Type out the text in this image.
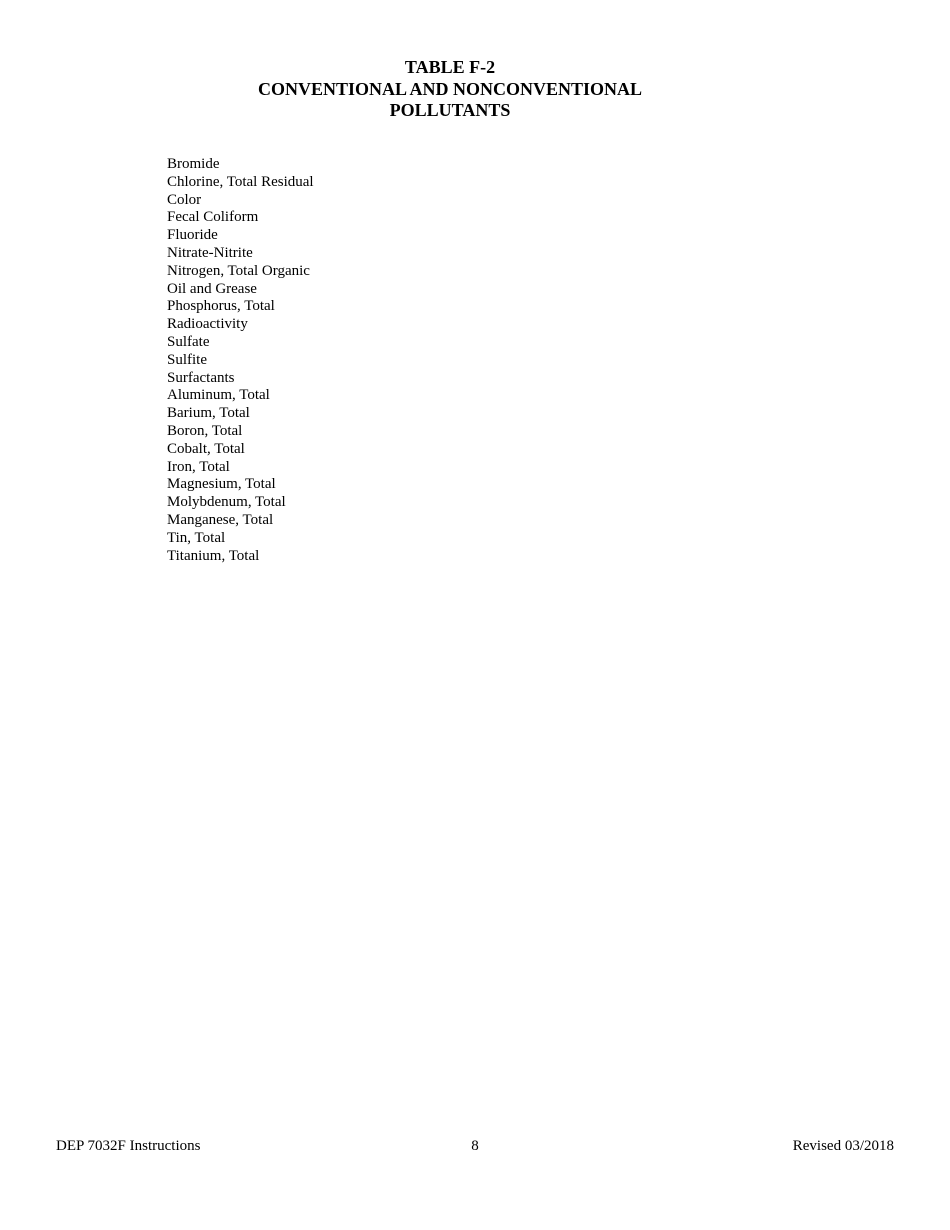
TABLE F-2
CONVENTIONAL AND NONCONVENTIONAL
POLLUTANTS
Bromide
Chlorine, Total Residual
Color
Fecal Coliform
Fluoride
Nitrate-Nitrite
Nitrogen, Total Organic
Oil and Grease
Phosphorus, Total
Radioactivity
Sulfate
Sulfite
Surfactants
Aluminum, Total
Barium, Total
Boron, Total
Cobalt, Total
Iron, Total
Magnesium, Total
Molybdenum, Total
Manganese, Total
Tin, Total
Titanium, Total
DEP 7032F Instructions	8	Revised 03/2018
